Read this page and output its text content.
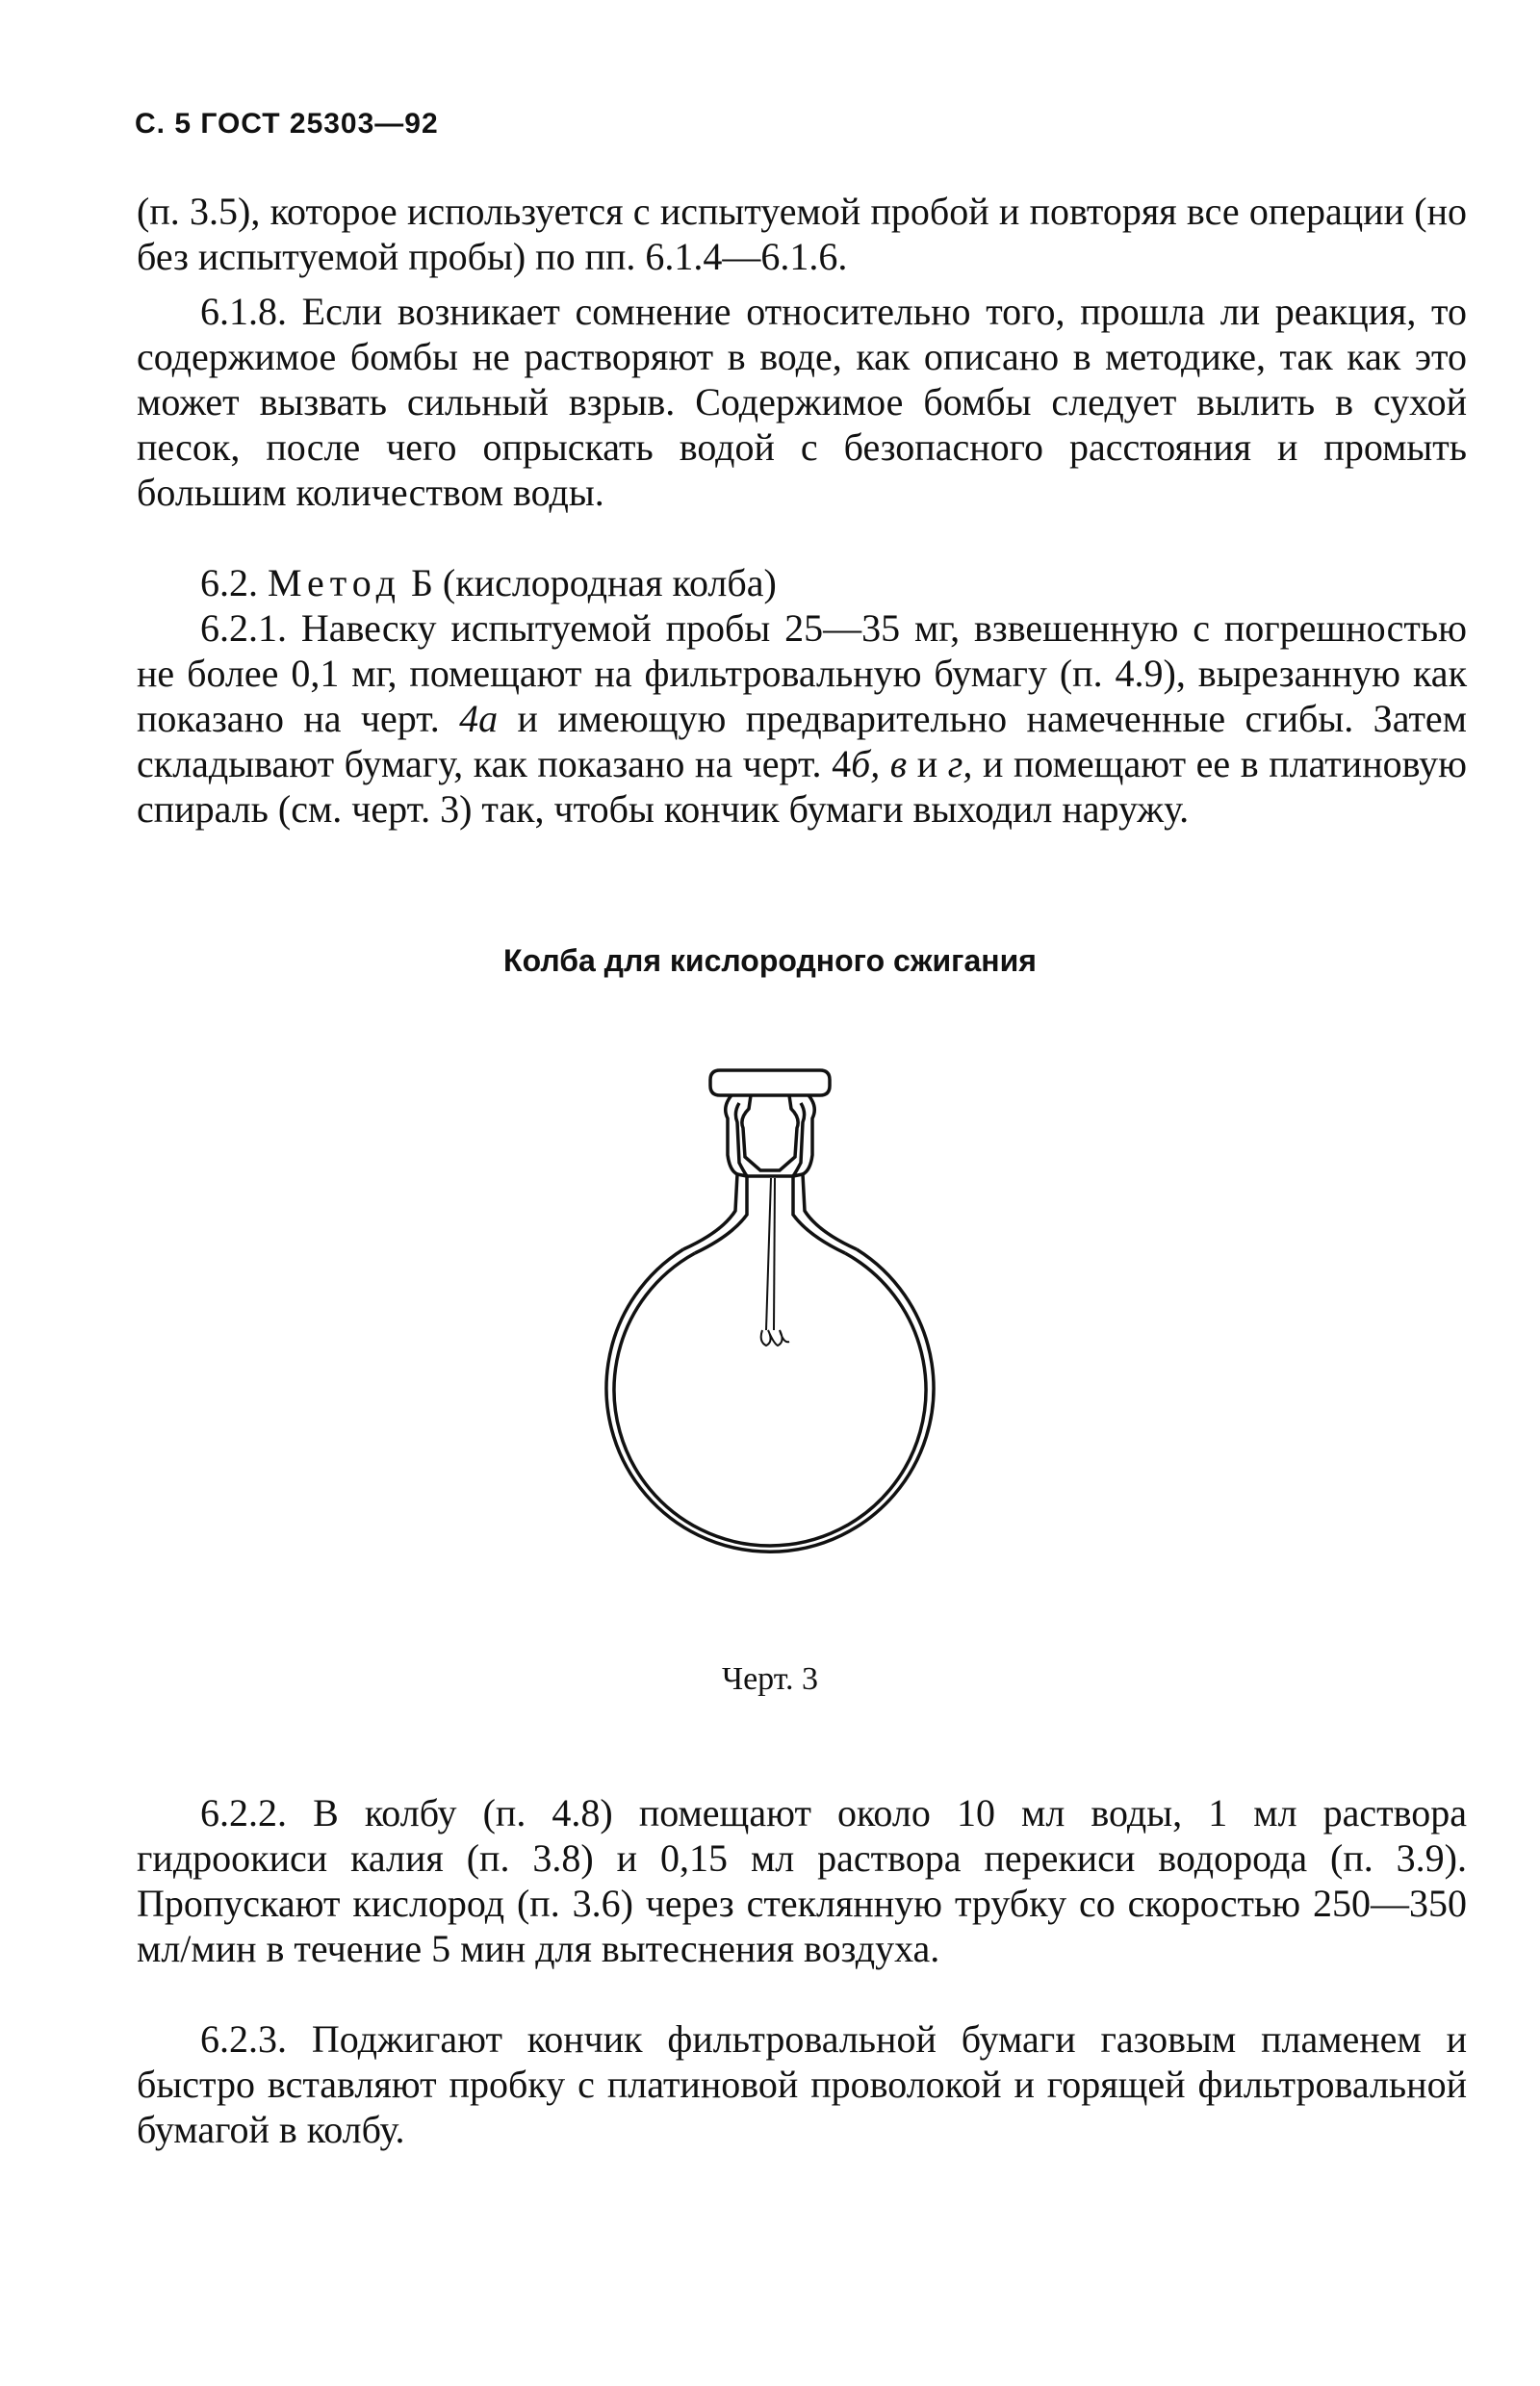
С. 5 ГОСТ 25303—92

(п. 3.5), которое используется с испытуемой пробой и повторяя все операции (но без испытуемой пробы) по пп. 6.1.4—6.1.6.

6.1.8. Если возникает сомнение относительно того, прошла ли реакция, то содержимое бомбы не растворяют в воде, как описано в методике, так как это может вызвать сильный взрыв. Содержимое бомбы следует вылить в сухой песок, после чего опрыскать водой с безопасного расстояния и промыть большим количеством воды.

6.2. Метод Б (кислородная колба)

6.2.1. Навеску испытуемой пробы 25—35 мг, взвешенную с погрешностью не более 0,1 мг, помещают на фильтровальную бумагу (п. 4.9), вырезанную как показано на черт. 4а и имеющую предварительно намеченные сгибы. Затем складывают бумагу, как показано на черт. 4б, в и г, и помещают ее в платиновую спираль (см. черт. 3) так, чтобы кончик бумаги выходил наружу.

Колба для кислородного сжигания
Черт. 3

6.2.2. В колбу (п. 4.8) помещают около 10 мл воды, 1 мл раствора гидроокиси калия (п. 3.8) и 0,15 мл раствора перекиси водорода (п. 3.9). Пропускают кислород (п. 3.6) через стеклянную трубку со скоростью 250—350 мл/мин в течение 5 мин для вытеснения воздуха.

6.2.3. Поджигают кончик фильтровальной бумаги газовым пламенем и быстро вставляют пробку с платиновой проволокой и горящей фильтровальной бумагой в колбу.
